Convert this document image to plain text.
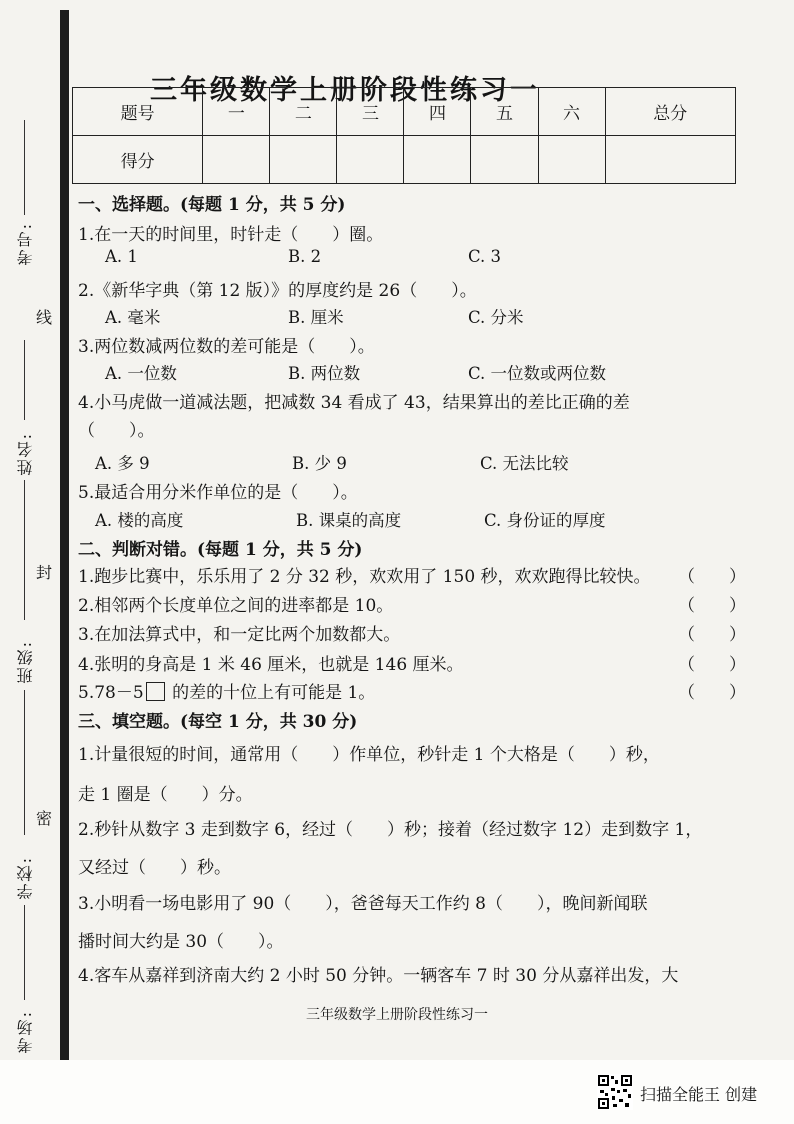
考号:
线
姓名:
封
班级:
密
学校:
考场:
三年级数学上册阶段性练习一
题号	一	二	三	四	五	六	总分
得分							
一、选择题。(每题 1 分，共 5 分)
1.在一天的时间里，时针走（　　）圈。
A. 1	B. 2	C. 3
2.《新华字典（第 12 版）》的厚度约是 26（　　）。
A. 毫米	B. 厘米	C. 分米
3.两位数减两位数的差可能是（　　）。
A. 一位数	B. 两位数	C. 一位数或两位数
4.小马虎做一道减法题，把减数 34 看成了 43，结果算出的差比正确的差
（　　）。
A. 多 9	B. 少 9	C. 无法比较
5.最适合用分米作单位的是（　　）。
A. 楼的高度	B. 课桌的高度	C. 身份证的厚度
二、判断对错。(每题 1 分，共 5 分)
1.跑步比赛中，乐乐用了 2 分 32 秒，欢欢用了 150 秒，欢欢跑得比较快。 （　　）
2.相邻两个长度单位之间的进率都是 10。	（　　）
3.在加法算式中，和一定比两个加数都大。	（　　）
4.张明的身高是 1 米 46 厘米，也就是 146 厘米。	（　　）
5.78－5 的差的十位上有可能是 1。	（　　）
三、填空题。(每空 1 分，共 30 分)
1.计量很短的时间，通常用（　　）作单位，秒针走 1 个大格是（　　）秒，
走 1 圈是（　　）分。
2.秒针从数字 3 走到数字 6，经过（　　）秒；接着（经过数字 12）走到数字 1，
又经过（　　）秒。
3.小明看一场电影用了 90（　　），爸爸每天工作约 8（　　），晚间新闻联
播时间大约是 30（　　）。
4.客车从嘉祥到济南大约 2 小时 50 分钟。一辆客车 7 时 30 分从嘉祥出发，大
三年级数学上册阶段性练习一
扫描全能王 创建
